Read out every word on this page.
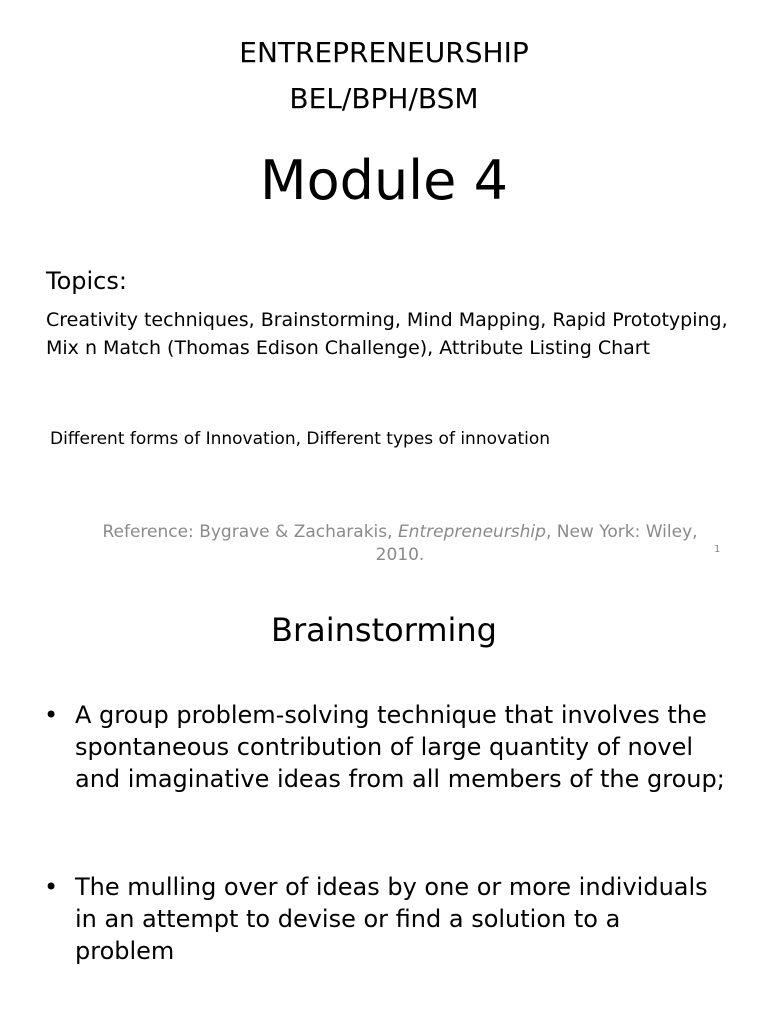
ENTREPRENEURSHIP
BEL/BPH/BSM
Module 4
Topics:
Creativity techniques, Brainstorming, Mind Mapping, Rapid Prototyping, Mix n Match (Thomas Edison Challenge), Attribute Listing Chart
Different forms of Innovation, Different types of innovation
Reference: Bygrave & Zacharakis, Entrepreneurship, New York: Wiley, 2010.	1
Brainstorming
• A group problem-solving technique that involves the spontaneous contribution of large quantity of novel and imaginative ideas from all members of the group;
• The mulling over of ideas by one or more individuals in an attempt to devise or find a solution to a problem
